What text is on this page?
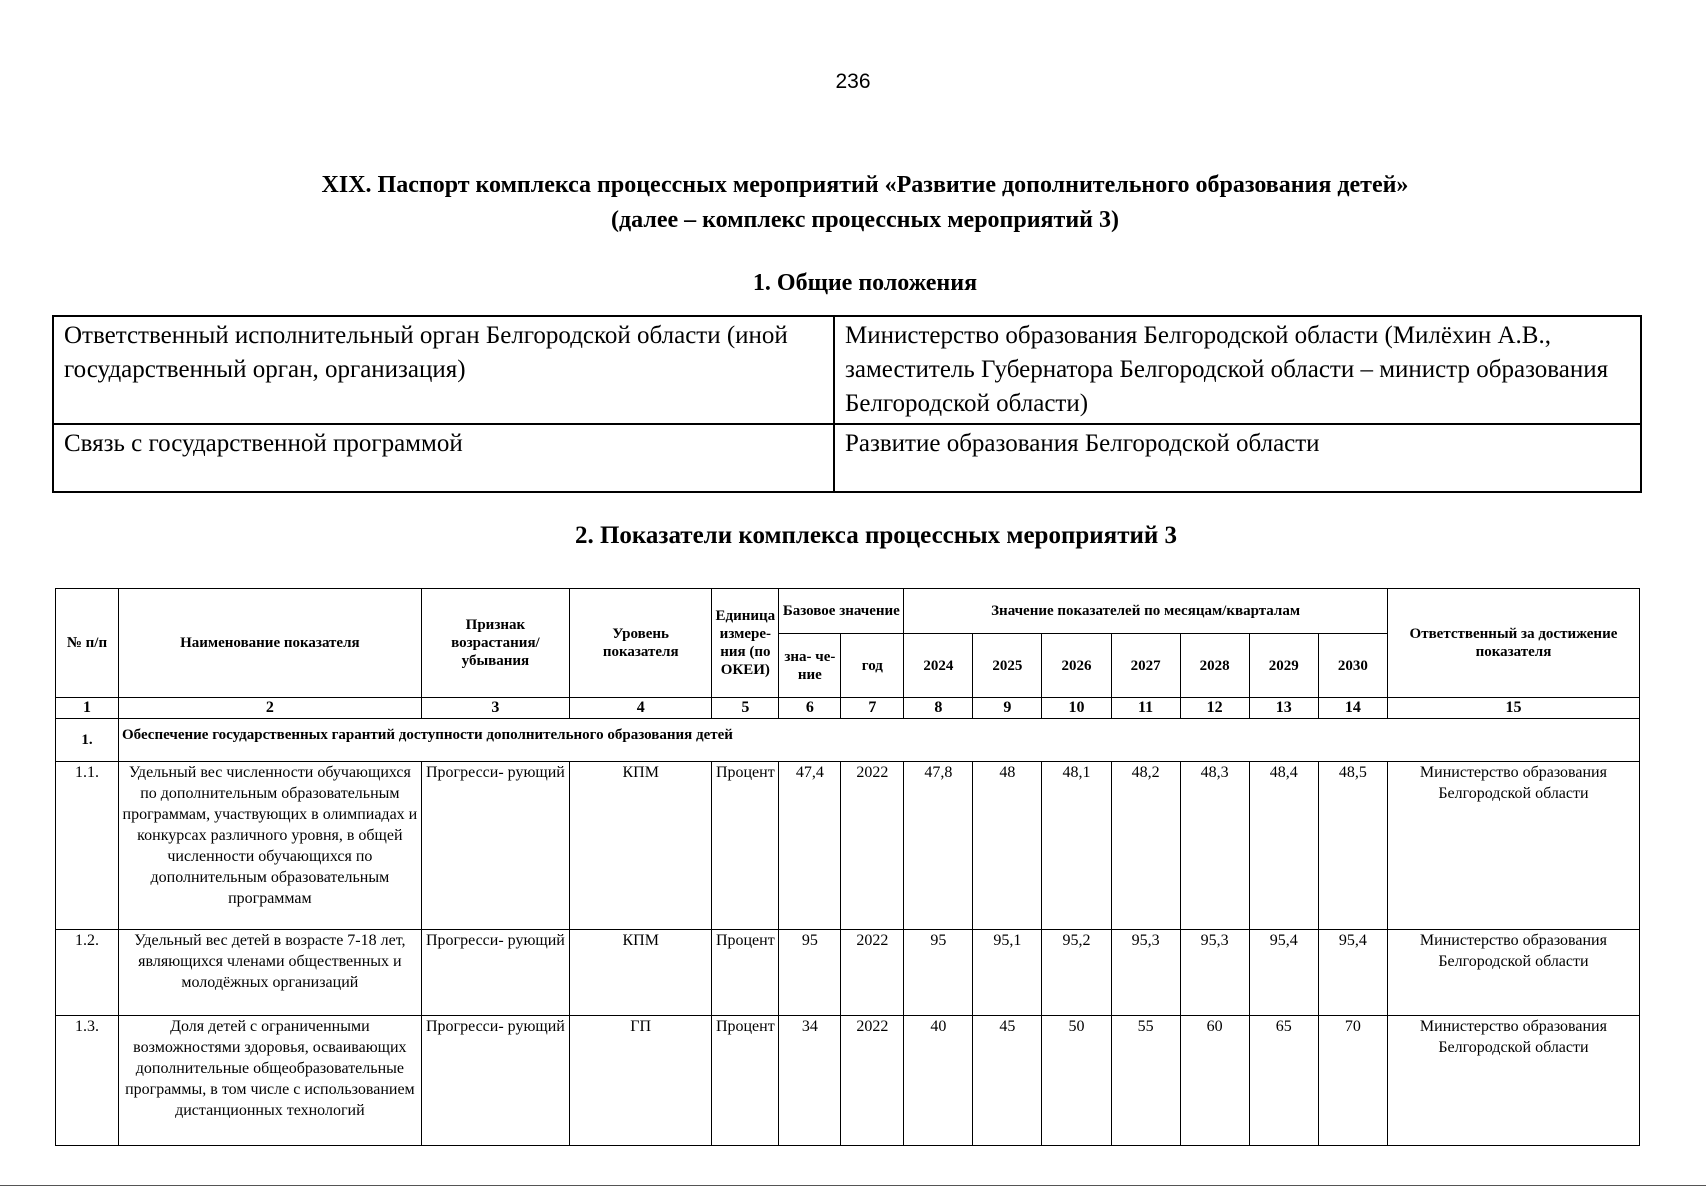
236
XIX. Паспорт комплекса процессных мероприятий «Развитие дополнительного образования детей»
(далее – комплекс процессных мероприятий 3)
1. Общие положения
Ответственный исполнительный орган Белгородской области (иной государственный орган, организация)	Министерство образования Белгородской области (Милёхин А.В., заместитель Губернатора Белгородской области – министр образования Белгородской области)
Связь с государственной программой	Развитие образования Белгородской области
2. Показатели комплекса процессных мероприятий 3
№ п/п	Наименование показателя	Признак возрастания/ убывания	Уровень показателя	Единица измере- ния (по ОКЕИ)	Базовое значение		Значение показателей по месяцам/кварталам							Ответственный за достижение показателя
					зна- че- ние	год	2024	2025	2026	2027	2028	2029	2030	
1	2	3	4	5	6	7	8	9	10	11	12	13	14	15
1.	Обеспечение государственных гарантий доступности дополнительного образования детей													
1.1.	Удельный вес численности обучающихся по дополнительным образовательным программам, участвующих в олимпиадах и конкурсах различного уровня, в общей численности обучающихся по дополнительным образовательным программам	Прогресси- рующий	КПМ	Процент	47,4	2022	47,8	48	48,1	48,2	48,3	48,4	48,5	Министерство образования Белгородской области
1.2.	Удельный вес детей в возрасте 7-18 лет, являющихся членами общественных и молодёжных организаций	Прогресси- рующий	КПМ	Процент	95	2022	95	95,1	95,2	95,3	95,3	95,4	95,4	Министерство образования Белгородской области
1.3.	Доля детей с ограниченными возможностями здоровья, осваивающих дополнительные общеобразовательные программы, в том числе с использованием дистанционных технологий	Прогресси- рующий	ГП	Процент	34	2022	40	45	50	55	60	65	70	Министерство образования Белгородской области
